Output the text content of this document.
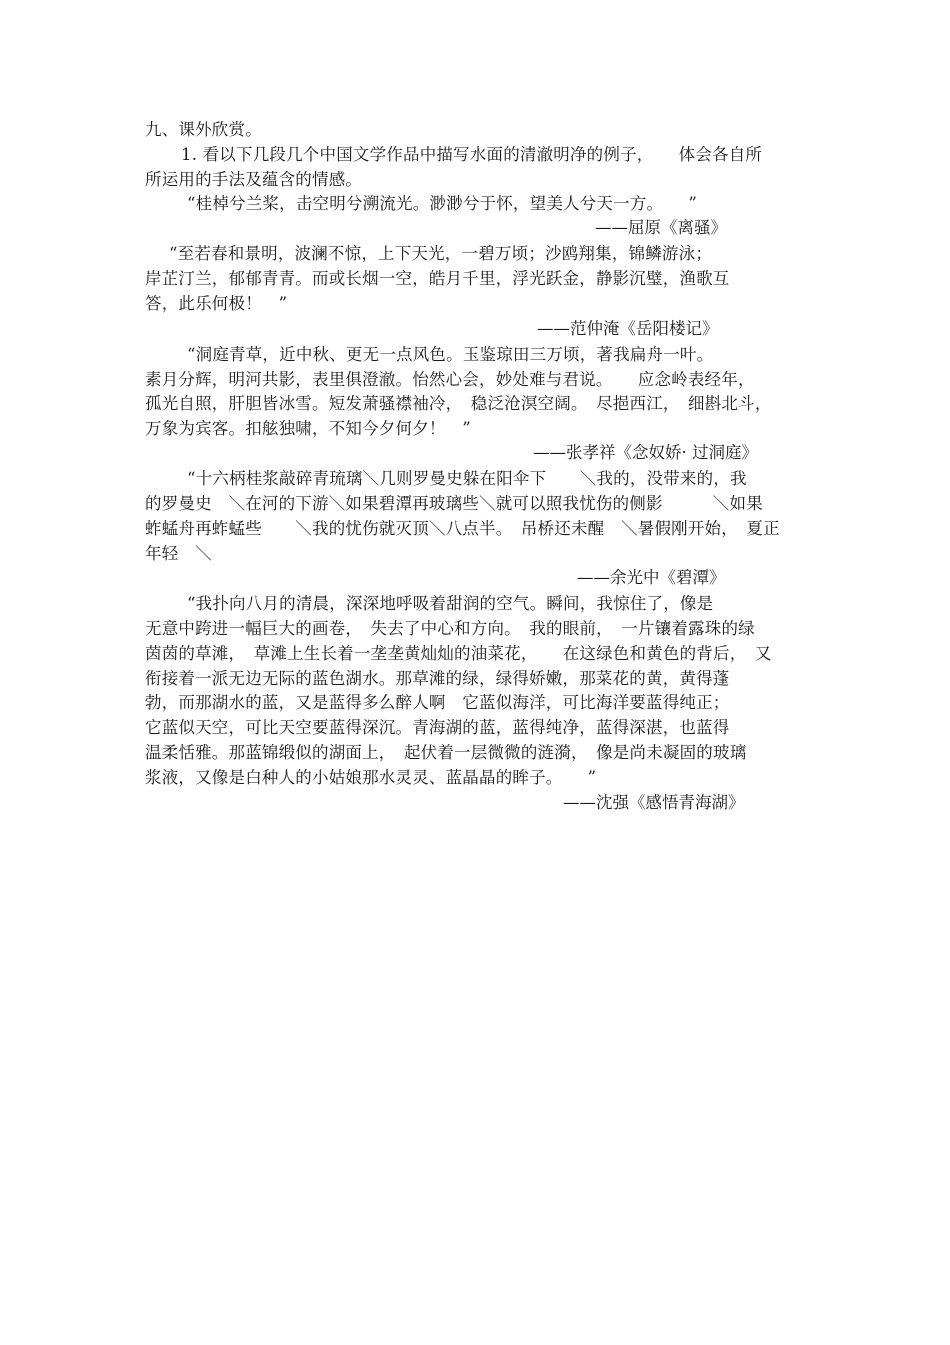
九、课外欣赏。
1. 看以下几段几个中国文学作品中描写水面的清澈明净的例子，　　体会各自所
所运用的手法及蕴含的情感。
“桂棹兮兰桨，击空明兮溯流光。渺渺兮于怀，望美人兮天一方。　　”
——屈原《离骚》
“至若春和景明，波澜不惊，上下天光，一碧万顷；沙鸥翔集，锦鳞游泳；
岸芷汀兰，郁郁青青。而或长烟一空，皓月千里，浮光跃金，静影沉璧，渔歌互
答，此乐何极！　”
——范仲淹《岳阳楼记》
“洞庭青草，近中秋、更无一点风色。玉鉴琼田三万顷，著我扁舟一叶。
素月分辉，明河共影，表里俱澄澈。怡然心会，妙处难与君说。　　应念岭表经年，
孤光自照，肝胆皆冰雪。短发萧骚襟袖冷，　稳泛沧溟空阔。　尽挹西江，　细斟北斗，
万象为宾客。扣舷独啸，不知今夕何夕！　”
——张孝祥《念奴娇· 过洞庭》
“十六柄桂浆敲碎青琉璃＼几则罗曼史躲在阳伞下　　＼我的，没带来的，我
的罗曼史　＼在河的下游＼如果碧潭再玻璃些＼就可以照我忧伤的侧影　　　＼如果
蚱蜢舟再蚱蜢些　　＼我的忧伤就灭顶＼八点半。　吊桥还未醒　＼暑假刚开始，　夏正
年轻　＼
——余光中《碧潭》
“我扑向八月的清晨，深深地呼吸着甜润的空气。瞬间，我惊住了，像是
无意中跨进一幅巨大的画卷，　失去了中心和方向。　我的眼前，　一片镶着露珠的绿
茵茵的草滩，　草滩上生长着一垄垄黄灿灿的油菜花，　　在这绿色和黄色的背后，　又
衔接着一派无边无际的蓝色湖水。那草滩的绿，绿得娇嫩，那菜花的黄，黄得蓬
勃，而那湖水的蓝，又是蓝得多么醉人啊　它蓝似海洋，可比海洋要蓝得纯正；
它蓝似天空，可比天空要蓝得深沉。青海湖的蓝，蓝得纯净，蓝得深湛，也蓝得
温柔恬雅。那蓝锦缎似的湖面上，　起伏着一层微微的涟漪，　像是尚未凝固的玻璃
浆液，又像是白种人的小姑娘那水灵灵、蓝晶晶的眸子。　　”
——沈强《感悟青海湖》
